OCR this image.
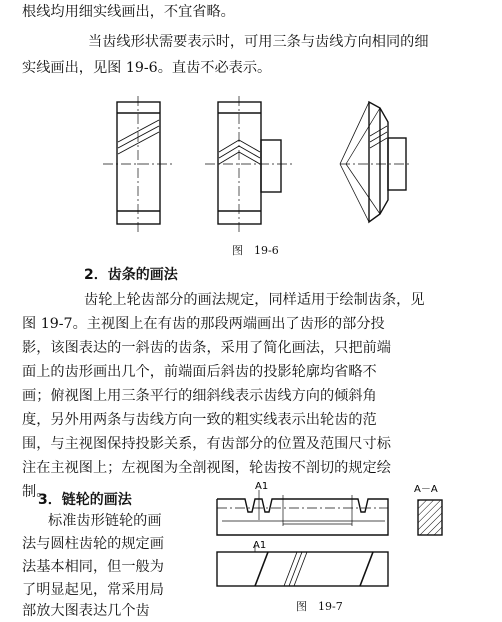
根线均用细实线画出，不宜省略。
当齿线形状需要表示时，可用三条与齿线方向相同的细
实线画出，见图 19-6。直齿不必表示。
图　19-6
2．齿条的画法
齿轮上轮齿部分的画法规定，同样适用于绘制齿条，见
图 19-7。主视图上在有齿的那段两端画出了齿形的部分投
影，该图表达的一斜齿的齿条，采用了简化画法，只把前端
面上的齿形画出几个，前端面后斜齿的投影轮廓均省略不
画；俯视图上用三条平行的细斜线表示齿线方向的倾斜角
度，另外用两条与齿线方向一致的粗实线表示出轮齿的范
围，与主视图保持投影关系，有齿部分的位置及范围尺寸标
注在主视图上；左视图为全剖视图，轮齿按不剖切的规定绘
制。
3．链轮的画法
标准齿形链轮的画
法与圆柱齿轮的规定画
法基本相同，但一般为
了明显起见，常采用局
A1
A1
A－A
图　19-7
部放大图表达几个齿
